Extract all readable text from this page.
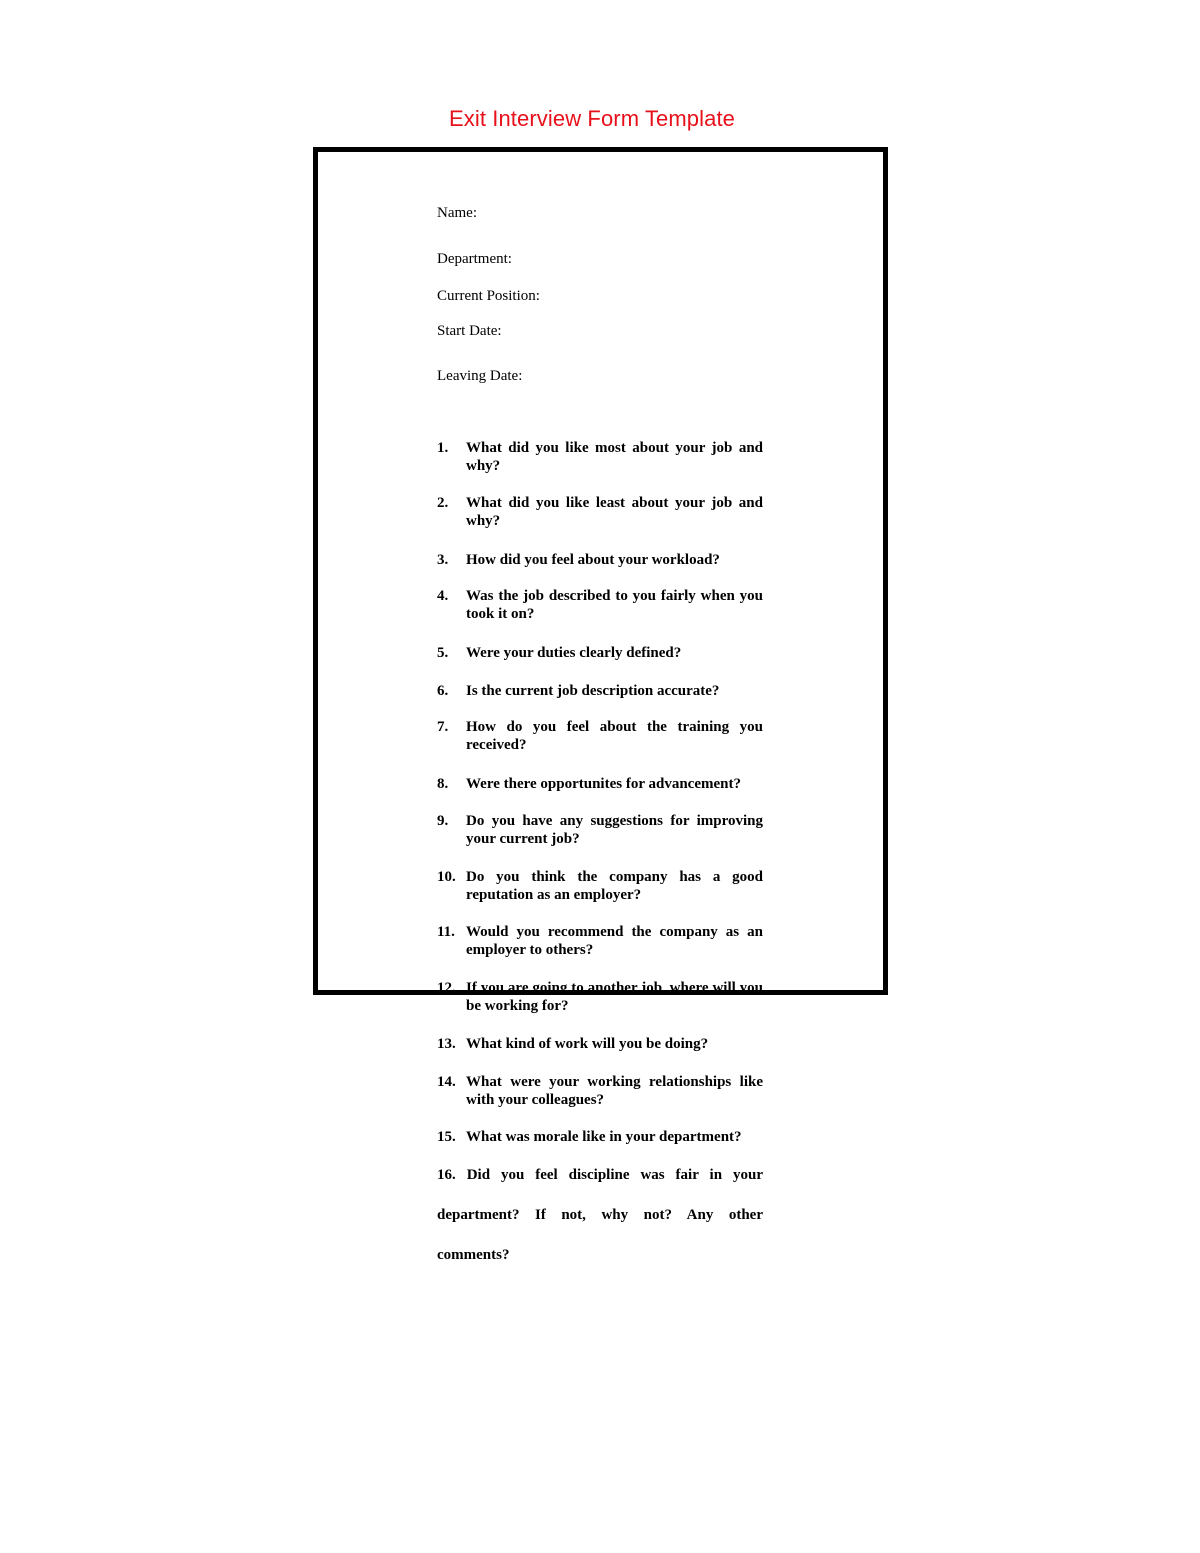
Exit Interview Form Template
Name:
Department:
Current Position:
Start Date:
Leaving Date:
1. What did you like most about your job and why?
2. What did you like least about your job and why?
3. How did you feel about your workload?
4. Was the job described to you fairly when you took it on?
5. Were your duties clearly defined?
6. Is the current job description accurate?
7. How do you feel about the training you received?
8. Were there opportunites for advancement?
9. Do you have any suggestions for improving your current job?
10. Do you think the company has a good reputation as an employer?
11. Would you recommend the company as an employer to others?
12. If you are going to another job, where will you be working for?
13. What kind of work will you be doing?
14. What were your working relationships like with your colleagues?
15. What was morale like in your department?
16. Did you feel discipline was fair in your department? If not, why not? Any other comments?
